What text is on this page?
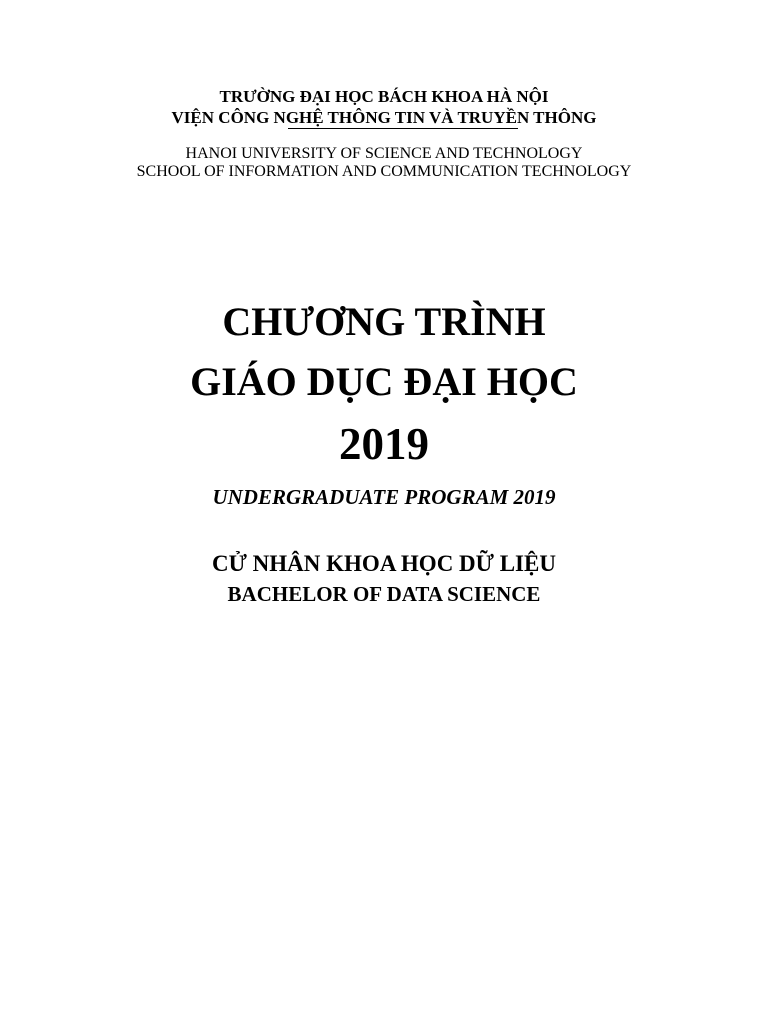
TRƯỜNG ĐẠI HỌC BÁCH KHOA HÀ NỘI
VIỆN CÔNG NGHỆ THÔNG TIN VÀ TRUYỀN THÔNG
HANOI UNIVERSITY OF SCIENCE AND TECHNOLOGY
SCHOOL OF INFORMATION AND COMMUNICATION TECHNOLOGY
CHƯƠNG TRÌNH
GIÁO DỤC ĐẠI HỌC
2019
UNDERGRADUATE PROGRAM 2019
CỬ NHÂN KHOA HỌC DỮ LIỆU
BACHELOR OF DATA SCIENCE
